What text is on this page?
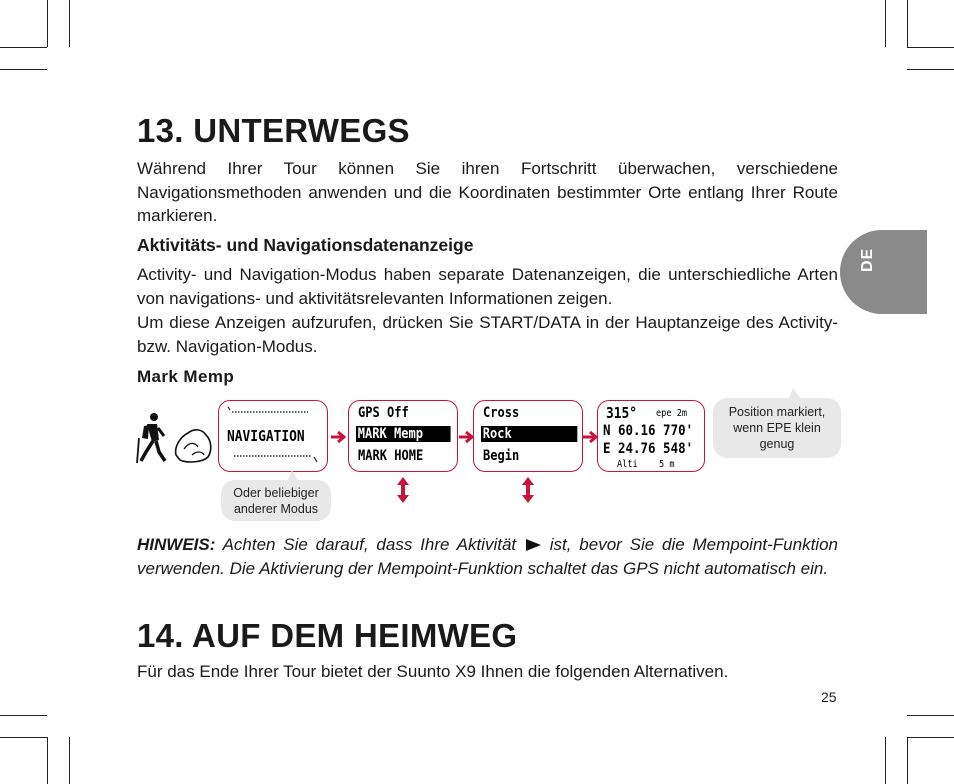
DE
13. UNTERWEGS

Während Ihrer Tour können Sie ihren Fortschritt überwachen, verschiedene Navigationsmethoden anwenden und die Koordinaten bestimmter Orte entlang Ihrer Route markieren.

Aktivitäts- und Navigationsdatenanzeige

Activity- und Navigation-Modus haben separate Datenanzeigen, die unterschiedliche Arten von navigations- und aktivitätsrelevanten Informationen zeigen.

Um diese Anzeigen aufzurufen, drücken Sie START/DATA in der Hauptanzeige des Activity- bzw. Navigation-Modus.

Mark Memp

NAVIGATION
GPS Off
MARK Memp
MARK HOME
Cross
Rock
Begin
315° epe 2m
N 60.16 770'
E 24.76 548'
Alti 5 m
Oder beliebiger anderer Modus
Position markiert, wenn EPE klein genug

HINWEIS: Achten Sie darauf, dass Ihre Aktivität ist, bevor Sie die Mempoint-Funktion verwenden. Die Aktivierung der Mempoint-Funktion schaltet das GPS nicht automatisch ein.

14. AUF DEM HEIMWEG

Für das Ende Ihrer Tour bietet der Suunto X9 Ihnen die folgenden Alternativen.

25
